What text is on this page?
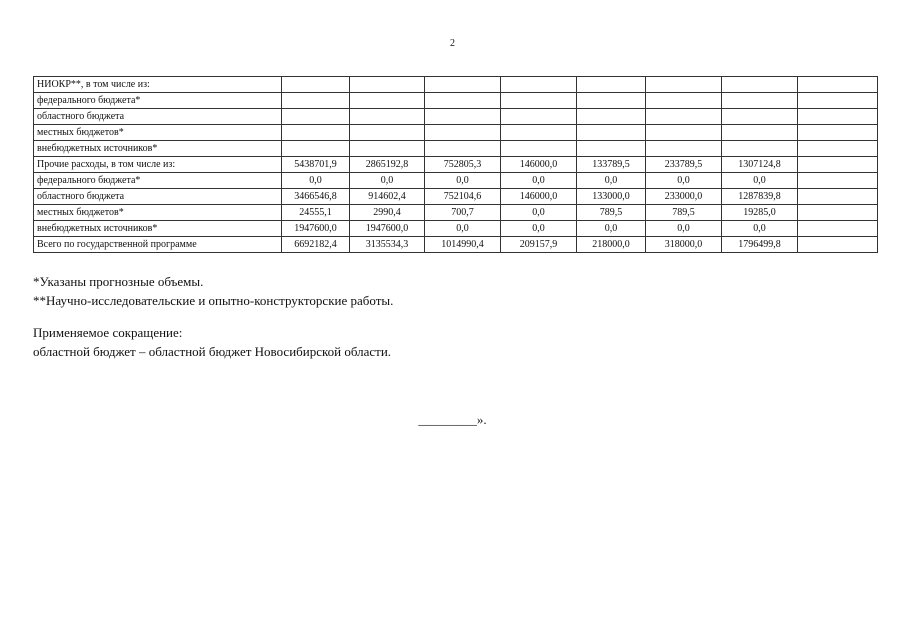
2
НИОКР**, в том числе из:								
федерального бюджета*								
областного бюджета								
местных бюджетов*								
внебюджетных источников*								
Прочие расходы, в том числе из:	5438701,9	2865192,8	752805,3	146000,0	133789,5	233789,5	1307124,8	
федерального бюджета*	0,0	0,0	0,0	0,0	0,0	0,0	0,0	
областного бюджета	3466546,8	914602,4	752104,6	146000,0	133000,0	233000,0	1287839,8	
местных бюджетов*	24555,1	2990,4	700,7	0,0	789,5	789,5	19285,0	
внебюджетных источников*	1947600,0	1947600,0	0,0	0,0	0,0	0,0	0,0	
Всего по государственной программе	6692182,4	3135534,3	1014990,4	209157,9	218000,0	318000,0	1796499,8	

*Указаны прогнозные объемы.

**Научно-исследовательские и опытно-конструкторские работы.

Применяемое сокращение:

областной бюджет – областной бюджет Новосибирской области.

_________».
